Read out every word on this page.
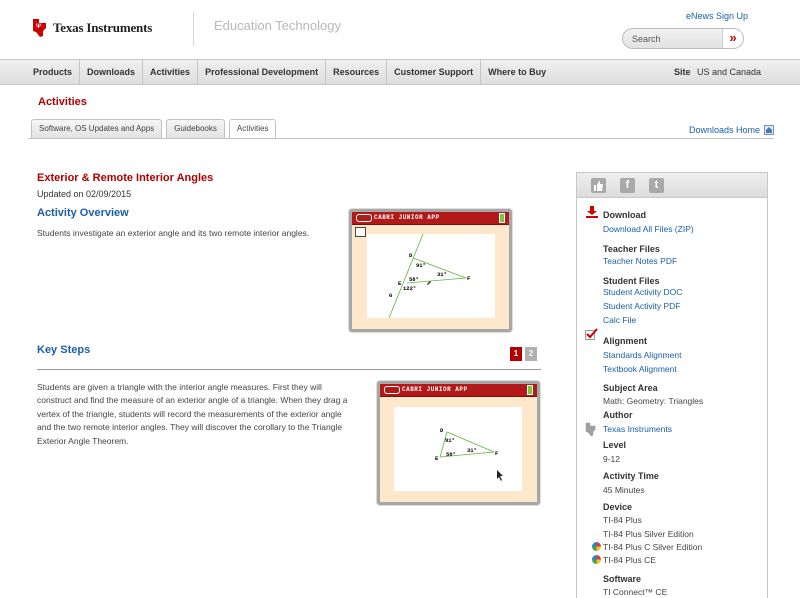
Ψ Texas Instruments	Education Technology
eNews Sign Up
Search
»
Products	Downloads	Activities	Professional Development	Resources	Customer Support	Where to Buy	Site US and Canada
Activities
Software, OS Updates and Apps	Guidebooks	Activities	Downloads Home
Exterior & Remote Interior Angles
Updated on 02/09/2015
Activity Overview
Students investigate an exterior angle and its two remote interior angles.
CABRI JUNIOR APP
D
91°
31°
F
58°
E
122°
G
Key Steps	1	2
Students are given a triangle with the interior angle measures. First they will construct and find the measure of an exterior angle of a triangle. When they drag a vertex of the triangle, students will record the measurements of the exterior angle and the two remote interior angles. They will discover the corollary to the Triangle Exterior Angle Theorem.
CABRI JUNIOR APP
D
91°
31°	F
58°
E
f	t
Download
Download All Files (ZIP)
Teacher Files
Teacher Notes PDF
Student Files
Student Activity DOC
Student Activity PDF
Calc File
Alignment
Standards Alignment
Textbook Alignment
Subject Area
Math: Geometry: Triangles
Author
Texas Instruments
Level
9-12
Activity Time
45 Minutes
Device
TI-84 Plus
TI-84 Plus Silver Edition
TI-84 Plus C Silver Edition
TI-84 Plus CE
Software
TI Connect™ CE
